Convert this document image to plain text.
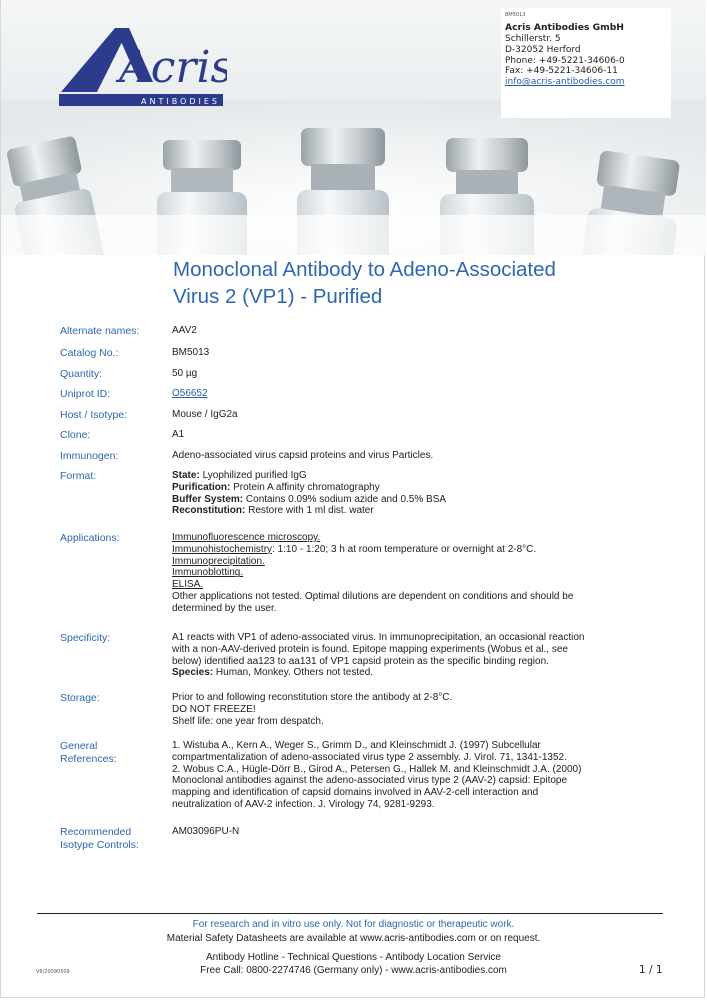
Acris
ANTIBODIES
BM5013
Acris Antibodies GmbH
Schillerstr. 5
D-32052 Herford
Phone: +49-5221-34606-0
Fax: +49-5221-34606-11
info@acris-antibodies.com
Monoclonal Antibody to Adeno-Associated
Virus 2 (VP1) - Purified
Alternate names:	AAV2
Catalog No.:	BM5013
Quantity:	50 µg
Uniprot ID:	O56652
Host / Isotype:	Mouse / IgG2a
Clone:	A1
Immunogen:	Adeno-associated virus capsid proteins and virus Particles.
Format:	State: Lyophilized purified IgG
Purification: Protein A affinity chromatography
Buffer System: Contains 0.09% sodium azide and 0.5% BSA
Reconstitution: Restore with 1 ml dist. water
Applications:	Immunofluorescence microscopy.
Immunohistochemistry: 1:10 - 1:20; 3 h at room temperature or overnight at 2-8°C.
Immunoprecipitation.
Immunoblotting.
ELISA.
Other applications not tested. Optimal dilutions are dependent on conditions and should be
determined by the user.
Specificity:	A1 reacts with VP1 of adeno-associated virus. In immunoprecipitation, an occasional reaction
with a non-AAV-derived protein is found. Epitope mapping experiments (Wobus et al., see
below) identified aa123 to aa131 of VP1 capsid protein as the specific binding region.
Species: Human, Monkey. Others not tested.
Storage:	Prior to and following reconstitution store the antibody at 2-8°C.
DO NOT FREEZE!
Shelf life: one year from despatch.
General
References:
1. Wistuba A., Kern A., Weger S., Grimm D., and Kleinschmidt J. (1997) Subcellular
compartmentalization of adeno-associated virus type 2 assembly. J. Virol. 71, 1341-1352.
2. Wobus C.A., Hügle-Dörr B., Girod A., Petersen G., Hallek M. and Kleinschmidt J.A. (2000)
Monoclonal antibodies against the adeno-associated virus type 2 (AAV-2) capsid: Epitope
mapping and identification of capsid domains involved in AAV-2-cell interaction and
neutralization of AAV-2 infection. J. Virology 74, 9281-9293.
Recommended
Isotype Controls:
AM03096PU-N
For research and in vitro use only. Not for diagnostic or therapeutic work.
Material Safety Datasheets are available at www.acris-antibodies.com or on request.
Antibody Hotline - Technical Questions - Antibody Location Service
Free Call: 0800-2274746 (Germany only) - www.acris-antibodies.com
V6/20090509	1 / 1
